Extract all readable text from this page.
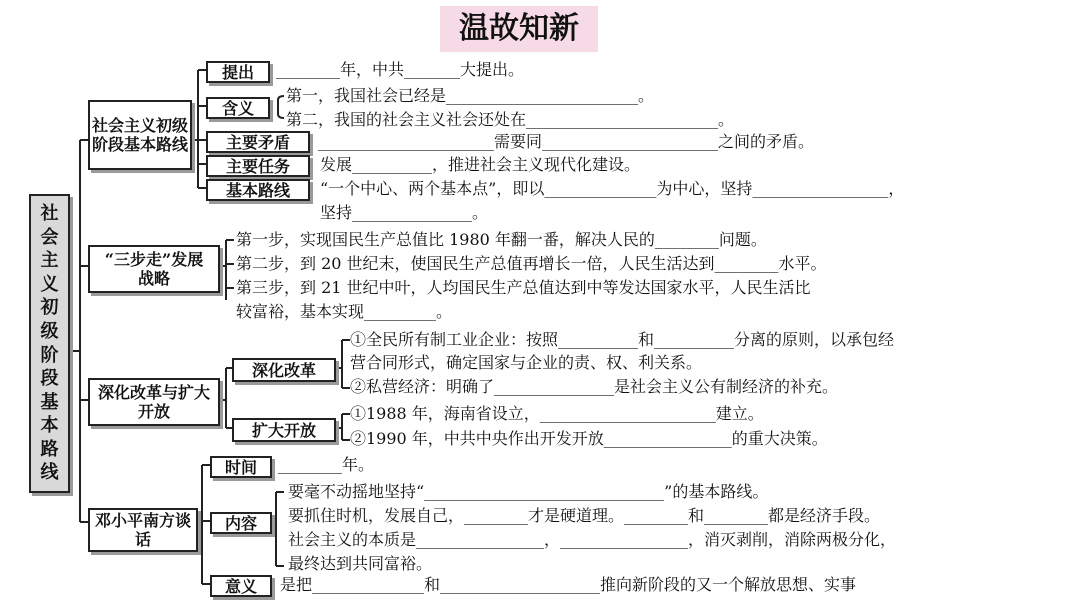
温故知新
社会主义初级阶段基本路线
社会主义初级阶段基本路线
提出 ________年，中共_______大提出。
含义
第一，我国社会已经是________________________。
第二，我国的社会主义社会还处在________________________。
主要矛盾 ______________________需要同______________________之间的矛盾。
主要任务 发展__________，推进社会主义现代化建设。
基本路线 “一个中心、两个基本点”，即以______________为中心，坚持_________________，
坚持_______________。
“三步走”发展战略
第一步，实现国民生产总值比 1980 年翻一番，解决人民的________问题。
第二步，到 20 世纪末，使国民生产总值再增长一倍，人民生活达到________水平。
第三步，到 21 世纪中叶，人均国民生产总值达到中等发达国家水平，人民生活比
较富裕，基本实现_________。
深化改革与扩大开放
深化改革
①全民所有制工业企业：按照__________和__________分离的原则，以承包经
营合同形式，确定国家与企业的责、权、利关系。
②私营经济：明确了_______________是社会主义公有制经济的补充。
扩大开放
①1988 年，海南省设立，______________________建立。
②1990 年，中共中央作出开发开放________________的重大决策。
邓小平南方谈话
时间 ________年。
内容
要毫不动摇地坚持“______________________________”的基本路线。
要抓住时机，发展自己，________才是硬道理。________和________都是经济手段。
社会主义的本质是________________，________________，消灭剥削，消除两极分化，
最终达到共同富裕。
意义 是把______________和____________________推向新阶段的又一个解放思想、实事
